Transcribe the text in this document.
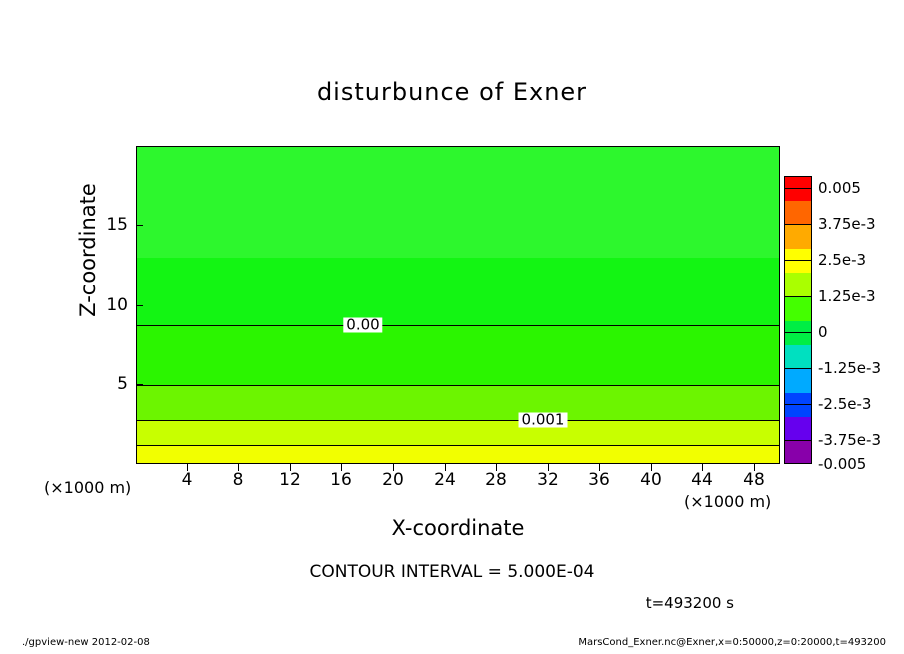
disturbunce of Exner
0.00
0.001
4 8 12 16 20 24 28 32 36 40 44 48
15
10
5
X-coordinate
Z-coordinate
(×1000 m)
(×1000 m)
0.005
3.75e-3
2.5e-3
1.25e-3
0
-1.25e-3
-2.5e-3
-3.75e-3
-0.005
CONTOUR INTERVAL = 5.000E-04
t=493200 s
./gpview-new 2012-02-08	MarsCond_Exner.nc@Exner,x=0:50000,z=0:20000,t=493200
